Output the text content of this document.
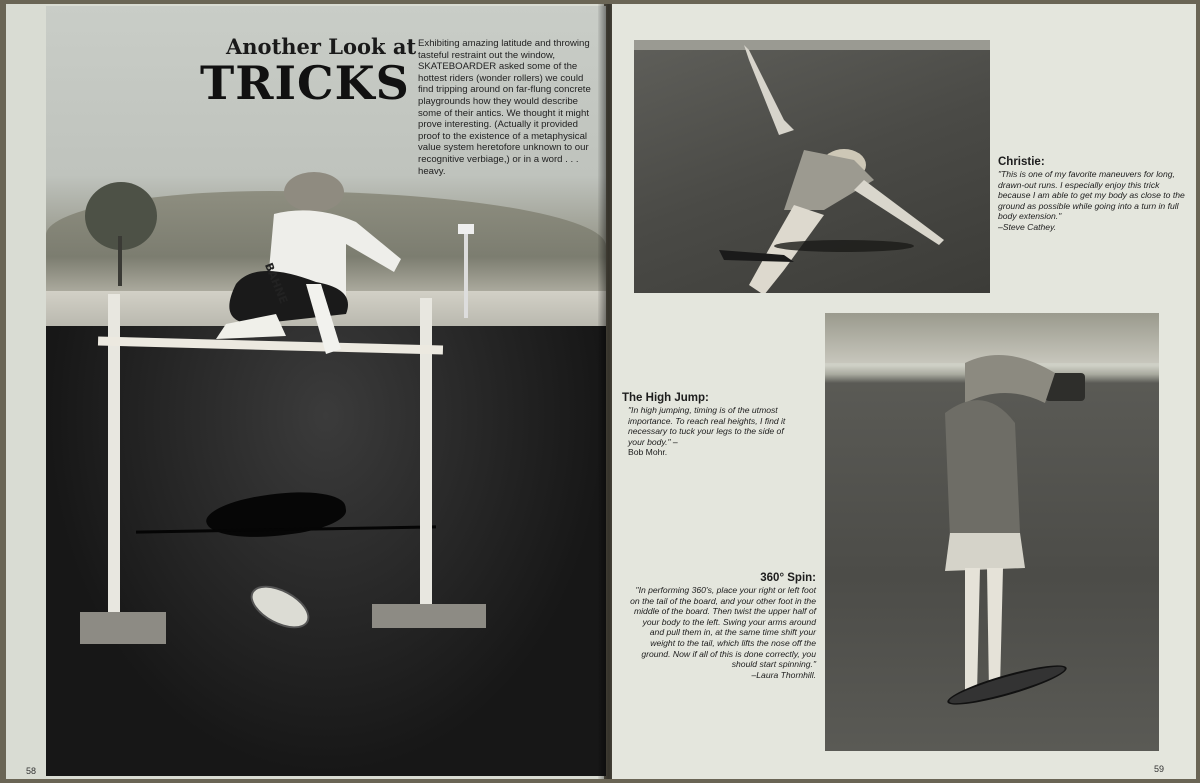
BAHNE
Another Look at
TRICKS
Exhibiting amazing latitude and throwing tasteful restraint out the window, SKATEBOARDER asked some of the hottest riders (wonder rollers) we could find tripping around on far-flung concrete playgrounds how they would describe some of their antics. We thought it might prove interesting. (Actually it provided proof to the existence of a metaphysical value system heretofore unknown to our recognitive verbiage,) or in a word . . . heavy.
58
Christie:
"This is one of my favorite maneuvers for long, drawn-out runs. I especially enjoy this trick because I am able to get my body as close to the ground as possible while going into a turn in full body extension."
–Steve Cathey.
The High Jump:
"In high jumping, timing is of the utmost importance. To reach real heights, I find it necessary to tuck your legs to the side of your body." –
Bob Mohr.
360° Spin:
"In performing 360's, place your right or left foot on the tail of the board, and your other foot in the middle of the board. Then twist the upper half of your body to the left. Swing your arms around and pull them in, at the same time shift your weight to the tail, which lifts the nose off the ground. Now if all of this is done correctly, you should start spinning."
–Laura Thornhill.
59
